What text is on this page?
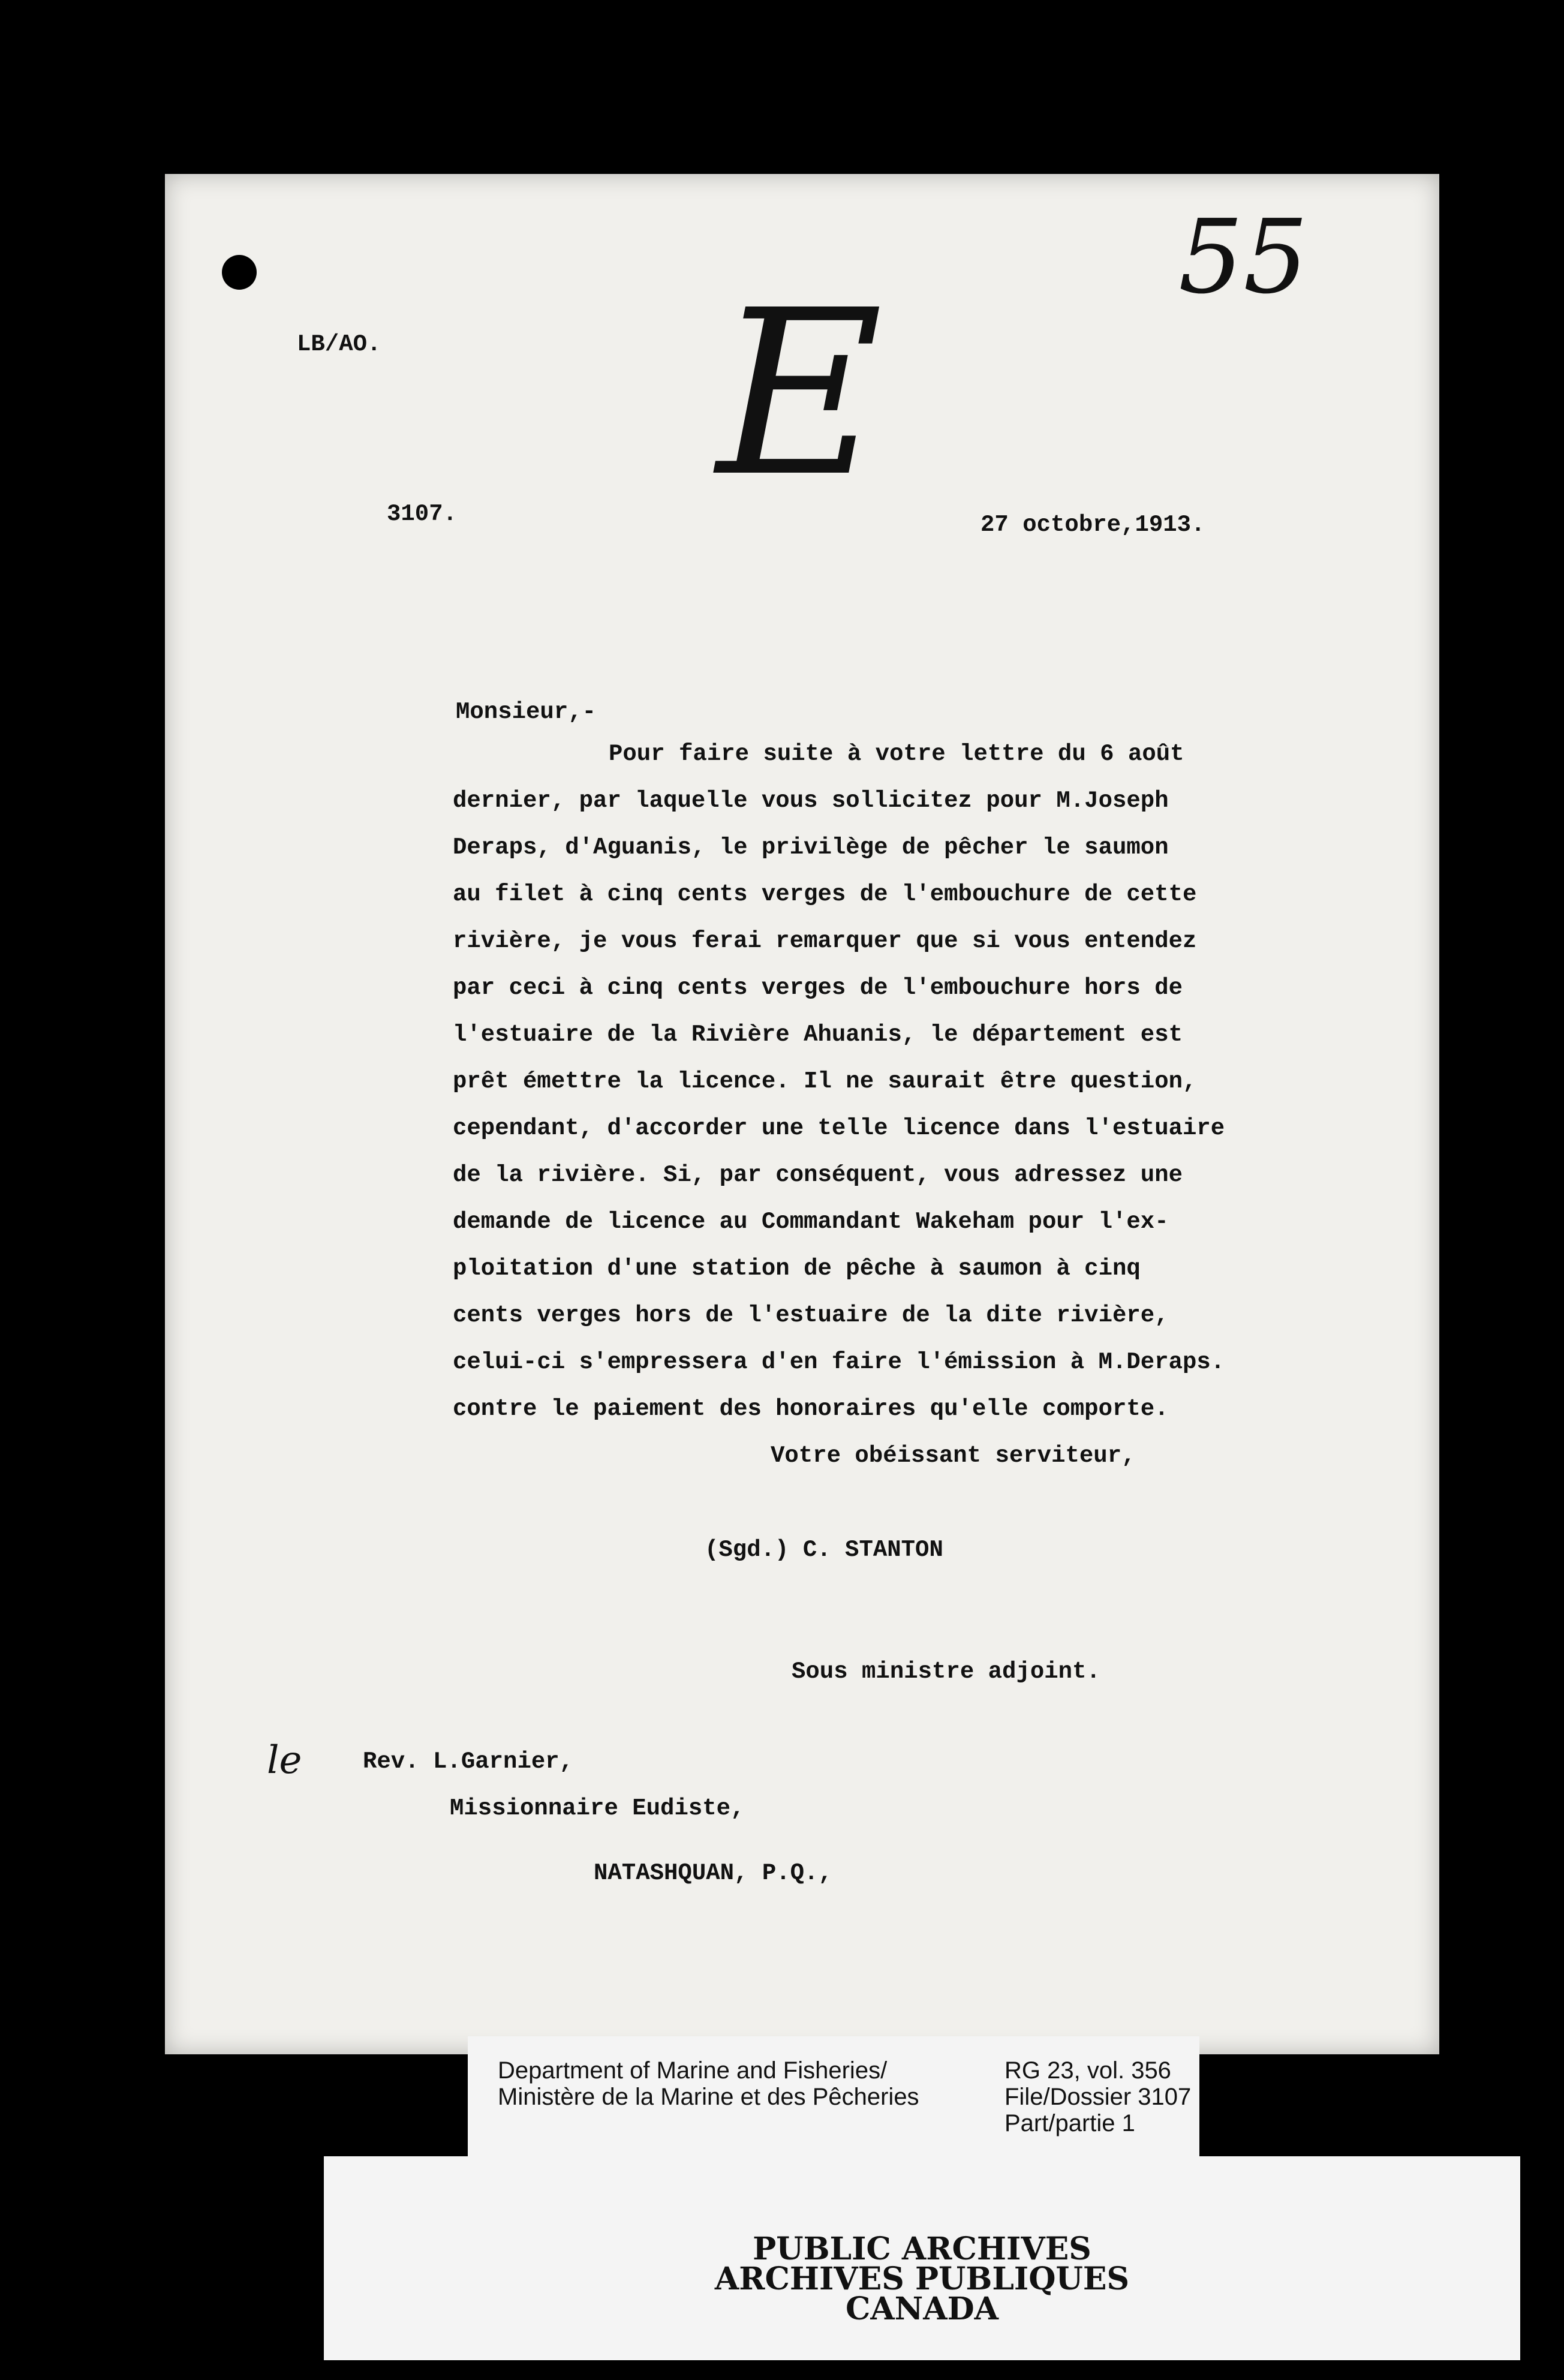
55
E
LB/AO.
3107.	27 octobre,1913.
Monsieur,-
Pour faire suite à votre lettre du 6 août
dernier, par laquelle vous sollicitez pour M.Joseph
Deraps, d'Aguanis, le privilège de pêcher le saumon
au filet à cinq cents verges de l'embouchure de cette
rivière, je vous ferai remarquer que si vous entendez
par ceci à cinq cents verges de l'embouchure hors de
l'estuaire de la Rivière Ahuanis, le département est
prêt émettre la licence. Il ne saurait être question,
cependant, d'accorder une telle licence dans l'estuaire
de la rivière. Si, par conséquent, vous adressez une
demande de licence au Commandant Wakeham pour l'ex-
ploitation d'une station de pêche à saumon à cinq
cents verges hors de l'estuaire de la dite rivière,
celui-ci s'empressera d'en faire l'émission à M.Deraps.
contre le paiement des honoraires qu'elle comporte.
Votre obéissant serviteur,
(Sgd.) C. STANTON
Sous ministre adjoint.
le	Rev. L.Garnier,
Missionnaire Eudiste,
NATASHQUAN, P.Q.,
Department of Marine and Fisheries/
Ministère de la Marine et des Pêcheries
RG 23, vol. 356
File/Dossier 3107
Part/partie 1
PUBLIC ARCHIVES
ARCHIVES PUBLIQUES
CANADA
